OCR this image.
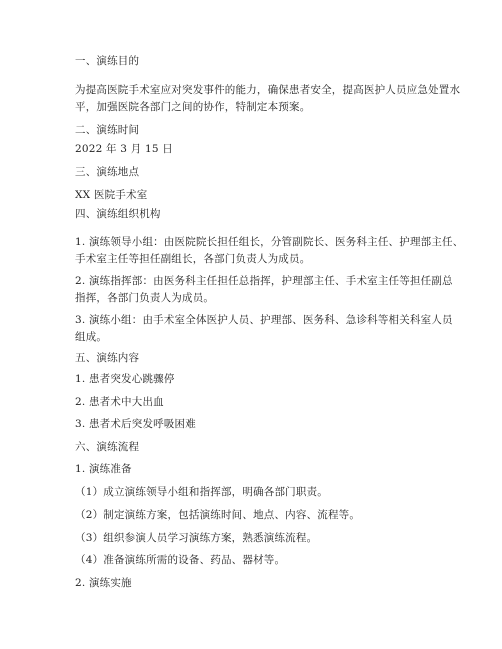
一、演练目的
为提高医院手术室应对突发事件的能力，确保患者安全，提高医护人员应急处置水
平，加强医院各部门之间的协作，特制定本预案。
二、演练时间
2022 年 3 月 15 日
三、演练地点
XX 医院手术室
四、演练组织机构
1. 演练领导小组：由医院院长担任组长，分管副院长、医务科主任、护理部主任、
手术室主任等担任副组长，各部门负责人为成员。
2. 演练指挥部：由医务科主任担任总指挥，护理部主任、手术室主任等担任副总
指挥，各部门负责人为成员。
3. 演练小组：由手术室全体医护人员、护理部、医务科、急诊科等相关科室人员
组成。
五、演练内容
1. 患者突发心跳骤停
2. 患者术中大出血
3. 患者术后突发呼吸困难
六、演练流程
1. 演练准备
（1）成立演练领导小组和指挥部，明确各部门职责。
（2）制定演练方案，包括演练时间、地点、内容、流程等。
（3）组织参演人员学习演练方案，熟悉演练流程。
（4）准备演练所需的设备、药品、器材等。
2. 演练实施
